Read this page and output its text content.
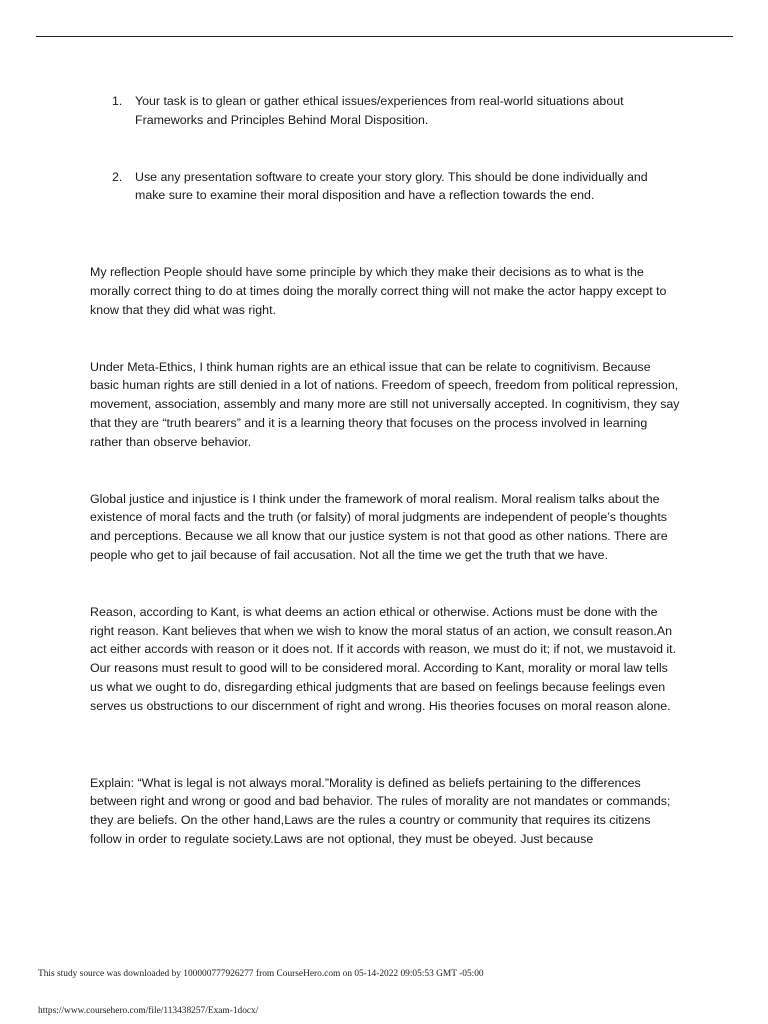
1. Your task is to glean or gather ethical issues/experiences from real-world situations about Frameworks and Principles Behind Moral Disposition.
2. Use any presentation software to create your story glory. This should be done individually and make sure to examine their moral disposition and have a reflection towards the end.

My reflection People should have some principle by which they make their decisions as to what is the morally correct thing to do at times doing the morally correct thing will not make the actor happy except to know that they did what was right.

Under Meta-Ethics, I think human rights are an ethical issue that can be relate to cognitivism. Because basic human rights are still denied in a lot of nations. Freedom of speech, freedom from political repression, movement, association, assembly and many more are still not universally accepted. In cognitivism, they say that they are “truth bearers” and it is a learning theory that focuses on the process involved in learning rather than observe behavior.

Global justice and injustice is I think under the framework of moral realism. Moral realism talks about the existence of moral facts and the truth (or falsity) of moral judgments are independent of people’s thoughts and perceptions. Because we all know that our justice system is not that good as other nations. There are people who get to jail because of fail accusation. Not all the time we get the truth that we have.

Reason, according to Kant, is what deems an action ethical or otherwise. Actions must be done with the right reason. Kant believes that when we wish to know the moral status of an action, we consult reason.An act either accords with reason or it does not. If it accords with reason, we must do it; if not, we mustavoid it. Our reasons must result to good will to be considered moral. According to Kant, morality or moral law tells us what we ought to do, disregarding ethical judgments that are based on feelings because feelings even serves us obstructions to our discernment of right and wrong. His theories focuses on moral reason alone.

Explain: “What is legal is not always moral.”Morality is defined as beliefs pertaining to the differences between right and wrong or good and bad behavior. The rules of morality are not mandates or commands; they are beliefs. On the other hand,Laws are the rules a country or community that requires its citizens follow in order to regulate society.Laws are not optional, they must be obeyed. Just because

This study source was downloaded by 100000777926277 from CourseHero.com on 05-14-2022 09:05:53 GMT -05:00
https://www.coursehero.com/file/113438257/Exam-1docx/
